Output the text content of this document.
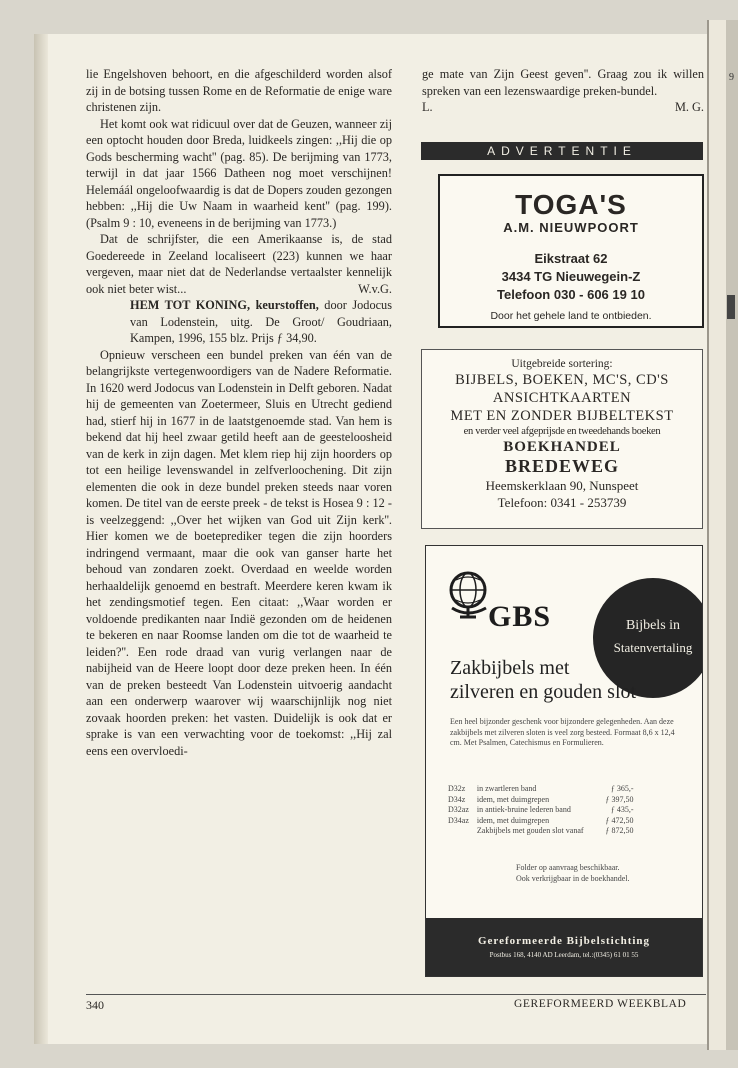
9

lie Engelshoven behoort, en die afgeschilderd worden alsof zij in de botsing tussen Rome en de Reformatie de enige ware christenen zijn.

Het komt ook wat ridicuul over dat de Geuzen, wanneer zij een optocht houden door Breda, luidkeels zingen: ,,Hij die op Gods bescherming wacht'' (pag. 85). De berijming van 1773, terwijl in dat jaar 1566 Datheen nog moet verschijnen! Helemáál ongeloofwaardig is dat de Dopers zouden gezongen hebben: ,,Hij die Uw Naam in waarheid kent'' (pag. 199). (Psalm 9 : 10, eveneens in de berijming van 1773.)

Dat de schrijfster, die een Amerikaanse is, de stad Goedereede in Zeeland localiseert (223) kunnen we haar vergeven, maar niet dat de Nederlandse vertaalster kennelijk ook niet beter wist...	W.v.G.

HEM TOT KONING, keurstoffen, door Jodocus van Lodenstein, uitg. De Groot/ Goudriaan, Kampen, 1996, 155 blz. Prijs ƒ 34,90.

Opnieuw verscheen een bundel preken van één van de belangrijkste vertegenwoordigers van de Nadere Reformatie. In 1620 werd Jodocus van Lodenstein in Delft geboren. Nadat hij de gemeenten van Zoetermeer, Sluis en Utrecht gediend had, stierf hij in 1677 in de laatstgenoemde stad. Van hem is bekend dat hij heel zwaar getild heeft aan de geesteloosheid van de kerk in zijn dagen. Met klem riep hij zijn hoorders op tot een heilige levenswandel in zelfverloochening. Dit zijn elementen die ook in deze bundel preken steeds naar voren komen. De titel van de eerste preek - de tekst is Hosea 9 : 12 - is veelzeggend: ,,Over het wijken van God uit Zijn kerk''. Hier komen we de boeteprediker tegen die zijn hoorders indringend vermaant, maar die ook van ganser harte het behoud van zondaren zoekt. Overdaad en weelde worden herhaaldelijk genoemd en bestraft. Meerdere keren kwam ik het zendingsmotief tegen. Een citaat: ,,Waar worden er voldoende predikanten naar Indië gezonden om de heidenen te bekeren en naar Roomse landen om die tot de waarheid te leiden?''. Een rode draad van vurig verlangen naar de nabijheid van de Heere loopt door deze preken heen. In één van de preken besteedt Van Lodenstein uitvoerig aandacht aan een onderwerp waarover wij waarschijnlijk nog niet zovaak hoorden preken: het vasten. Duidelijk is ook dat er sprake is van een verwachting voor de toekomst: ,,Hij zal eens een overvloedi-

ge mate van Zijn Geest geven''. Graag zou ik willen spreken van een lezenswaardige preken-bundel.

L.	M. G.
ADVERTENTIE
TOGA'S
A.M. NIEUWPOORT
Eikstraat 62
3434 TG Nieuwegein-Z
Telefoon 030 - 606 19 10
Door het gehele land te ontbieden.
Uitgebreide sortering:
BIJBELS, BOEKEN, MC'S, CD'S
ANSICHTKAARTEN
MET EN ZONDER BIJBELTEKST
en verder veel afgeprijsde en tweedehands boeken
BOEKHANDEL
BREDEWEG
Heemskerklaan 90, Nunspeet
Telefoon: 0341 - 253739
Bijbels in
Statenvertaling
GBS
Zakbijbels met
zilveren en gouden slot
Een heel bijzonder geschenk voor bijzondere gelegenheden. Aan deze zakbijbels met zilveren sloten is veel zorg besteed. Formaat 8,6 x 12,4 cm. Met Psalmen, Catechismus en Formulieren.
D32z	in zwartleren band	ƒ 365,-
D34z	idem, met duimgrepen	ƒ 397,50
D32az	in antiek-bruine lederen band	ƒ 435,-
D34az	idem, met duimgrepen	ƒ 472,50
	Zakbijbels met gouden slot vanaf	ƒ 872,50
Folder op aanvraag beschikbaar.
Ook verkrijgbaar in de boekhandel.
Gereformeerde Bijbelstichting
Postbus 168, 4140 AD Leerdam, tel.:(0345) 61 01 55
340	GEREFORMEERD WEEKBLAD
